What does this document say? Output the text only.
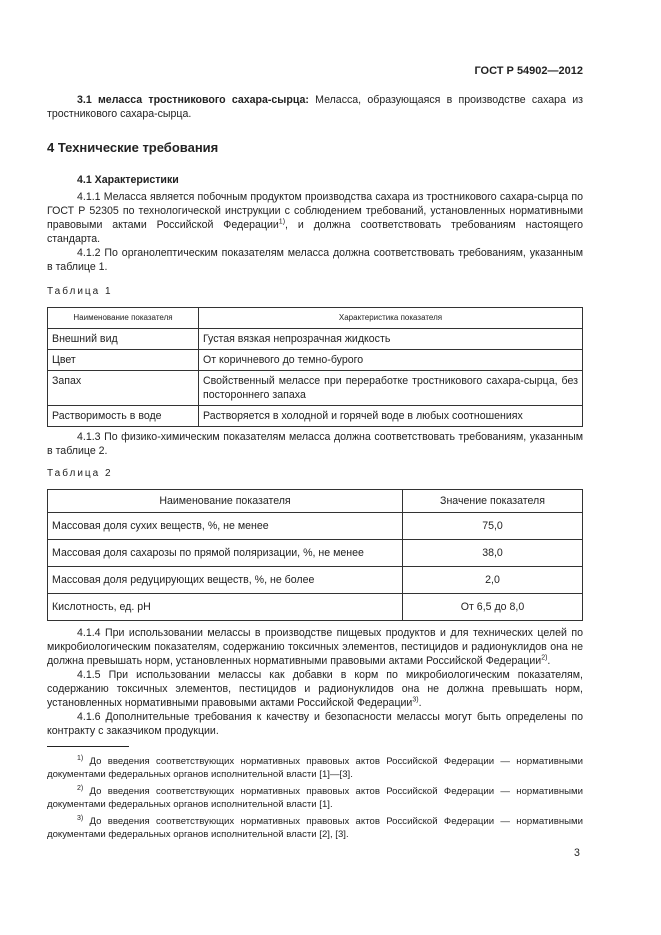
ГОСТ Р 54902—2012

3.1 меласса тростникового сахара-сырца: Меласса, образующаяся в производстве сахара из тростникового сахара-сырца.

4 Технические требования
4.1 Характеристики

4.1.1 Меласса является побочным продуктом производства сахара из тростникового сахара-сырца по ГОСТ Р 52305 по технологической инструкции с соблюдением требований, установленных нормативными правовыми актами Российской Федерации$^{1)}$, и должна соответствовать требованиям настоящего стандарта.

4.1.2 По органолептическим показателям меласса должна соответствовать требованиям, указанным в таблице 1.

Таблица 1
Наименование показателя	Характеристика показателя
Внешний вид	Густая вязкая непрозрачная жидкость
Цвет	От коричневого до темно-бурого
Запах	Свойственный мелассе при переработке тростникового сахара-сырца, без постороннего запаха
Растворимость в воде	Растворяется в холодной и горячей воде в любых соотношениях

4.1.3 По физико-химическим показателям меласса должна соответствовать требованиям, указанным в таблице 2.

Таблица 2
Наименование показателя	Значение показателя
Массовая доля сухих веществ, %, не менее	75,0
Массовая доля сахарозы по прямой поляризации, %, не менее	38,0
Массовая доля редуцирующих веществ, %, не более	2,0
Кислотность, ед. pH	От 6,5 до 8,0

4.1.4 При использовании мелассы в производстве пищевых продуктов и для технических целей по микробиологическим показателям, содержанию токсичных элементов, пестицидов и радионуклидов она не должна превышать норм, установленных нормативными правовыми актами Российской Федерации$^{2)}$.

4.1.5 При использовании мелассы как добавки в корм по микробиологическим показателям, содержанию токсичных элементов, пестицидов и радионуклидов она не должна превышать норм, установленных нормативными правовыми актами Российской Федерации$^{3)}$.

4.1.6 Дополнительные требования к качеству и безопасности мелассы могут быть определены по контракту с заказчиком продукции.

$^{1)}$ До введения соответствующих нормативных правовых актов Российской Федерации — нормативными документами федеральных органов исполнительной власти [1]—[3].

$^{2)}$ До введения соответствующих нормативных правовых актов Российской Федерации — нормативными документами федеральных органов исполнительной власти [1].

$^{3)}$ До введения соответствующих нормативных правовых актов Российской Федерации — нормативными документами федеральных органов исполнительной власти [2], [3].

3
